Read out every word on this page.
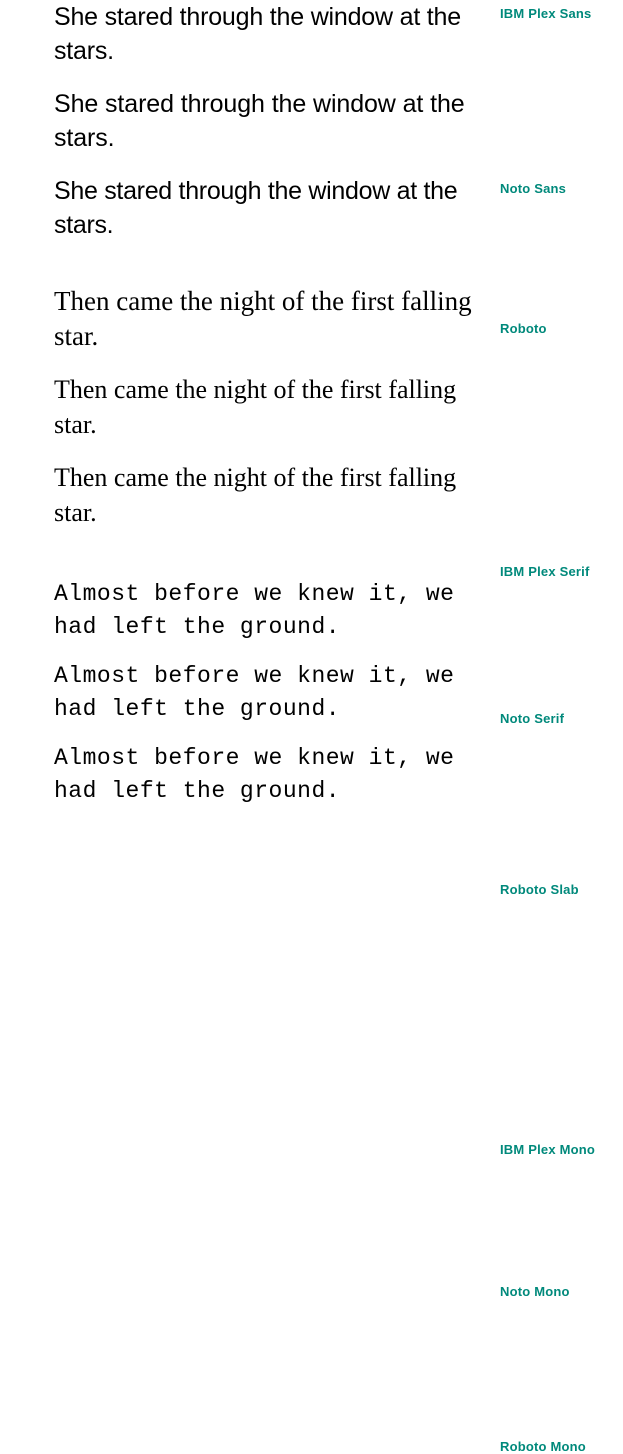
She stared through the window at the stars.

IBM Plex Sans

She stared through the window at the stars.

Noto Sans

She stared through the window at the stars.

Roboto

Then came the night of the first falling star.

IBM Plex Serif

Then came the night of the first falling star.

Noto Serif

Then came the night of the first falling star.

Roboto Slab

Almost before we knew it, we had left the ground.

IBM Plex Mono

Almost before we knew it, we had left the ground.

Noto Mono

Almost before we knew it, we had left the ground.

Roboto Mono
